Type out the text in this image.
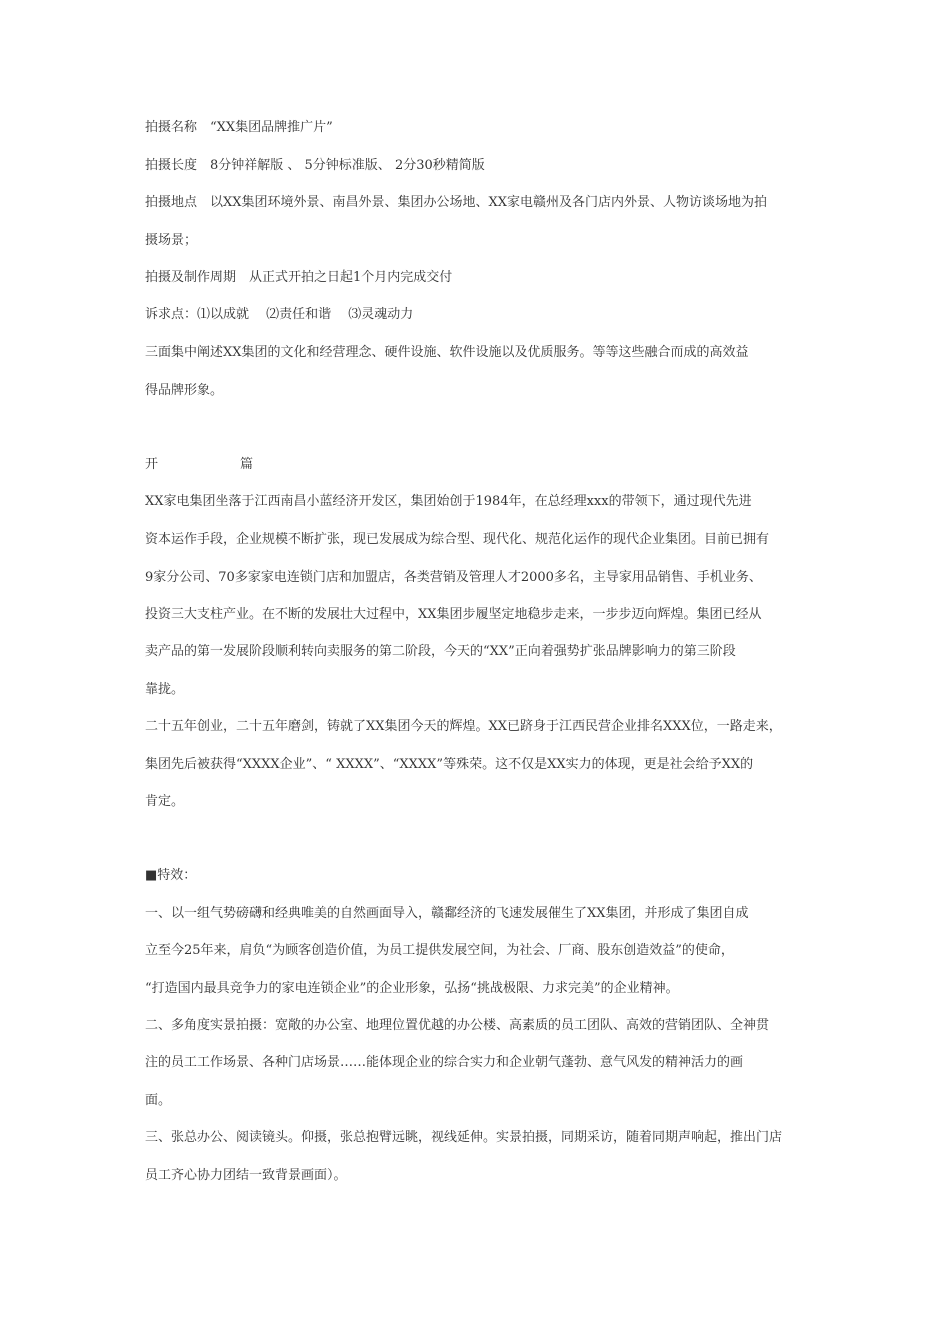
拍摄名称　“XX集团品牌推广片”
拍摄长度　8分钟祥解版 、 5分钟标准版、 2分30秒精简版
拍摄地点　以XX集团环境外景、南昌外景、集团办公场地、XX家电赣州及各门店内外景、人物访谈场地为拍
摄场景；
拍摄及制作周期　从正式开拍之日起1个月内完成交付
诉求点：⑴以成就　 ⑵责任和谐　 ⑶灵魂动力
三面集中阐述XX集团的文化和经营理念、硬件设施、软件设施以及优质服务。等等这些融合而成的高效益
得品牌形象。
开	篇
XX家电集团坐落于江西南昌小蓝经济开发区，集团始创于1984年，在总经理xxx的带领下，通过现代先进
资本运作手段，企业规模不断扩张，现已发展成为综合型、现代化、规范化运作的现代企业集团。目前已拥有
9家分公司、70多家家电连锁门店和加盟店，各类营销及管理人才2000多名，主导家用品销售、手机业务、
投资三大支柱产业。在不断的发展壮大过程中，XX集团步履坚定地稳步走来，一步步迈向辉煌。集团已经从
卖产品的第一发展阶段顺利转向卖服务的第二阶段，今天的“XX”正向着强势扩张品牌影响力的第三阶段
靠拢。
二十五年创业，二十五年磨剑，铸就了XX集团今天的辉煌。XX已跻身于江西民营企业排名XXX位，一路走来，
集团先后被获得“XXXX企业”、“ XXXX”、“XXXX”等殊荣。这不仅是XX实力的体现，更是社会给予XX的
肯定。
■特效：
一、以一组气势磅礴和经典唯美的自然画面导入，赣鄱经济的飞速发展催生了XX集团，并形成了集团自成
立至今25年来，肩负“为顾客创造价值，为员工提供发展空间，为社会、厂商、股东创造效益”的使命，
“打造国内最具竞争力的家电连锁企业”的企业形象，弘扬“挑战极限、力求完美”的企业精神。
二、多角度实景拍摄：宽敞的办公室、地理位置优越的办公楼、高素质的员工团队、高效的营销团队、全神贯
注的员工工作场景、各种门店场景……能体现企业的综合实力和企业朝气蓬勃、意气风发的精神活力的画
面。
三、张总办公、阅读镜头。仰摄，张总抱臂远眺，视线延伸。实景拍摄，同期采访，随着同期声响起，推出门店
员工齐心协力团结一致背景画面）。
